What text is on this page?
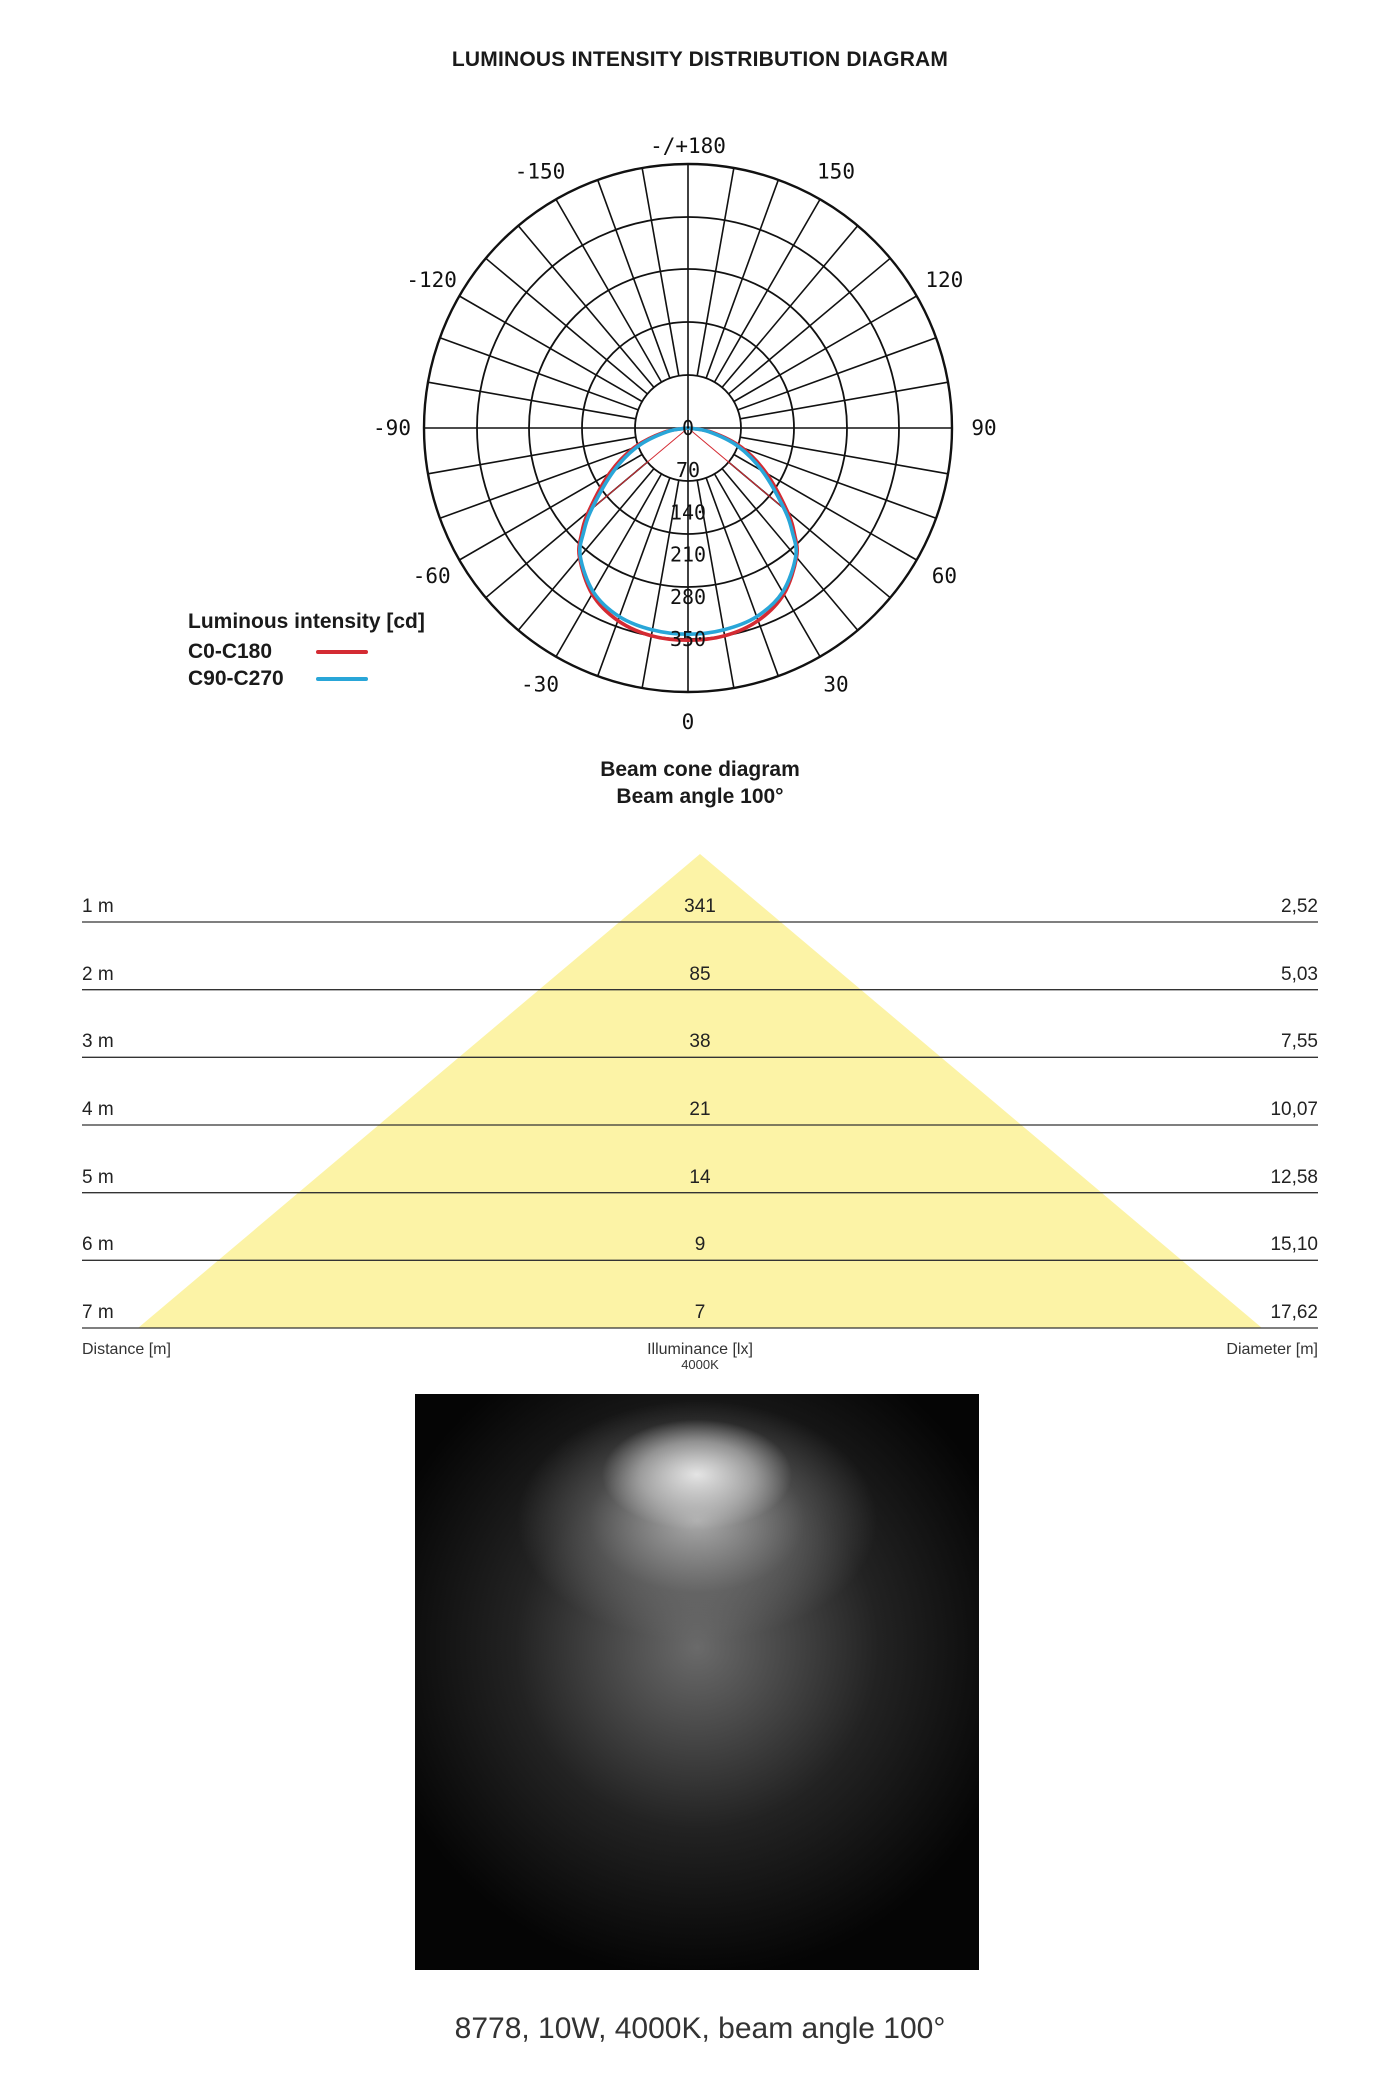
LUMINOUS INTENSITY DISTRIBUTION DIAGRAM
0
30
60
90
120
150
-/+180
-30
-60
-90
-120
-150
0
70
140
210
280
350
Luminous intensity [cd]
C0-C180
C90-C270
Beam cone diagram
Beam angle 100°
1 m	341	2,52
2 m	85	5,03
3 m	38	7,55
4 m	21	10,07
5 m	14	12,58
6 m	9	15,10
7 m	7	17,62
Distance [m]	Illuminance [lx]
4000K
Diameter [m]
8778, 10W, 4000K, beam angle 100°
